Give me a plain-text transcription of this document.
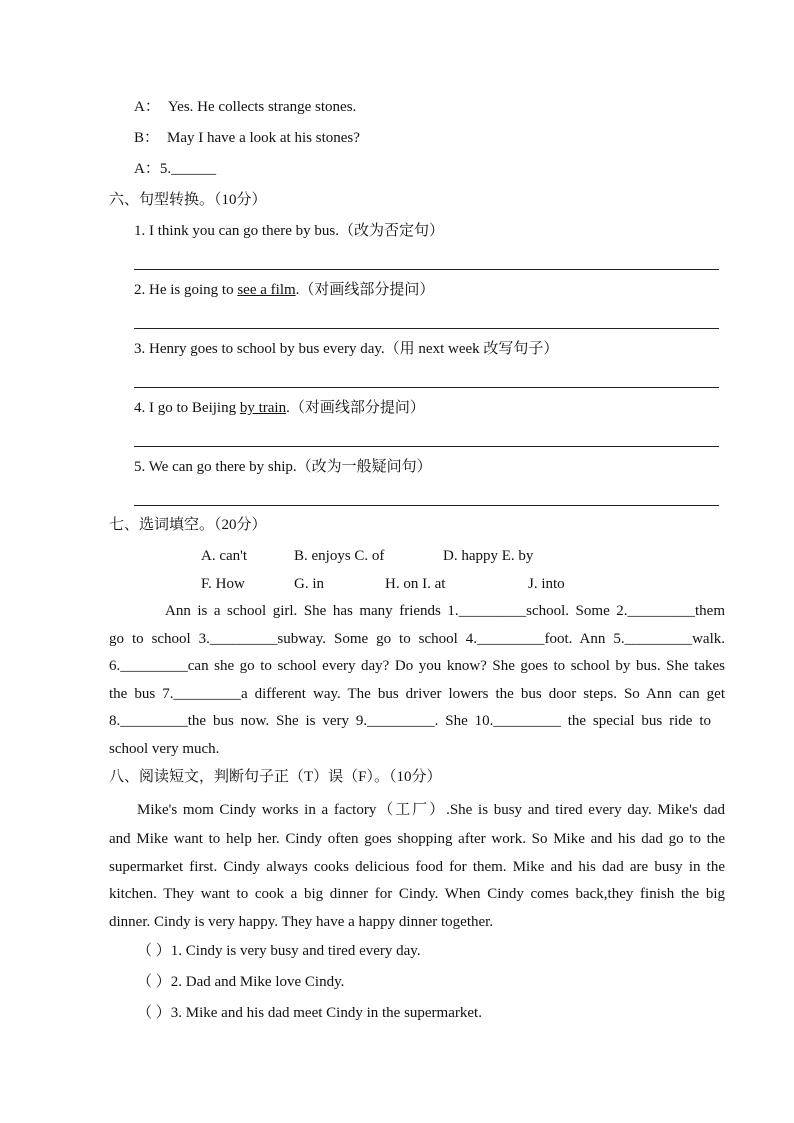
A： Yes. He collects strange stones.
B： May I have a look at his stones?
A：5.______
六、句型转换。（10分）
1. I think you can go there by bus.（改为否定句）
2. He is going to see a film.（对画线部分提问）
3. Henry goes to school by bus every day.（用 next week 改写句子）
4. I go to Beijing by train.（对画线部分提问）
5. We can go there by ship.（改为一般疑问句）
七、选词填空。（20分）
A. can't	B. enjoys C. of	D. happy E. by
F. How	G. in	H. on I. at	J. into
Ann is a school girl. She has many friends 1._________school. Some 2._________them
go to school 3._________subway. Some go to school 4._________foot. Ann 5._________walk.
6._________can she go to school every day? Do you know? She goes to school by bus. She takes
the bus 7._________a different way. The bus driver lowers the bus door steps. So Ann can get
8._________the bus now. She is very 9._________. She 10._________ the special bus ride to
school very much.
八、阅读短文，判断句子正（T）误（F）。（10分）
Mike's mom Cindy works in a factory（工厂）.She is busy and tired every day. Mike's dad
and Mike want to help her. Cindy often goes shopping after work. So Mike and his dad go to the
supermarket first. Cindy always cooks delicious food for them. Mike and his dad are busy in the
kitchen. They want to cook a big dinner for Cindy. When Cindy comes back,they finish the big
dinner. Cindy is very happy. They have a happy dinner together.
（ ）1. Cindy is very busy and tired every day.
（ ）2. Dad and Mike love Cindy.
（ ）3. Mike and his dad meet Cindy in the supermarket.
